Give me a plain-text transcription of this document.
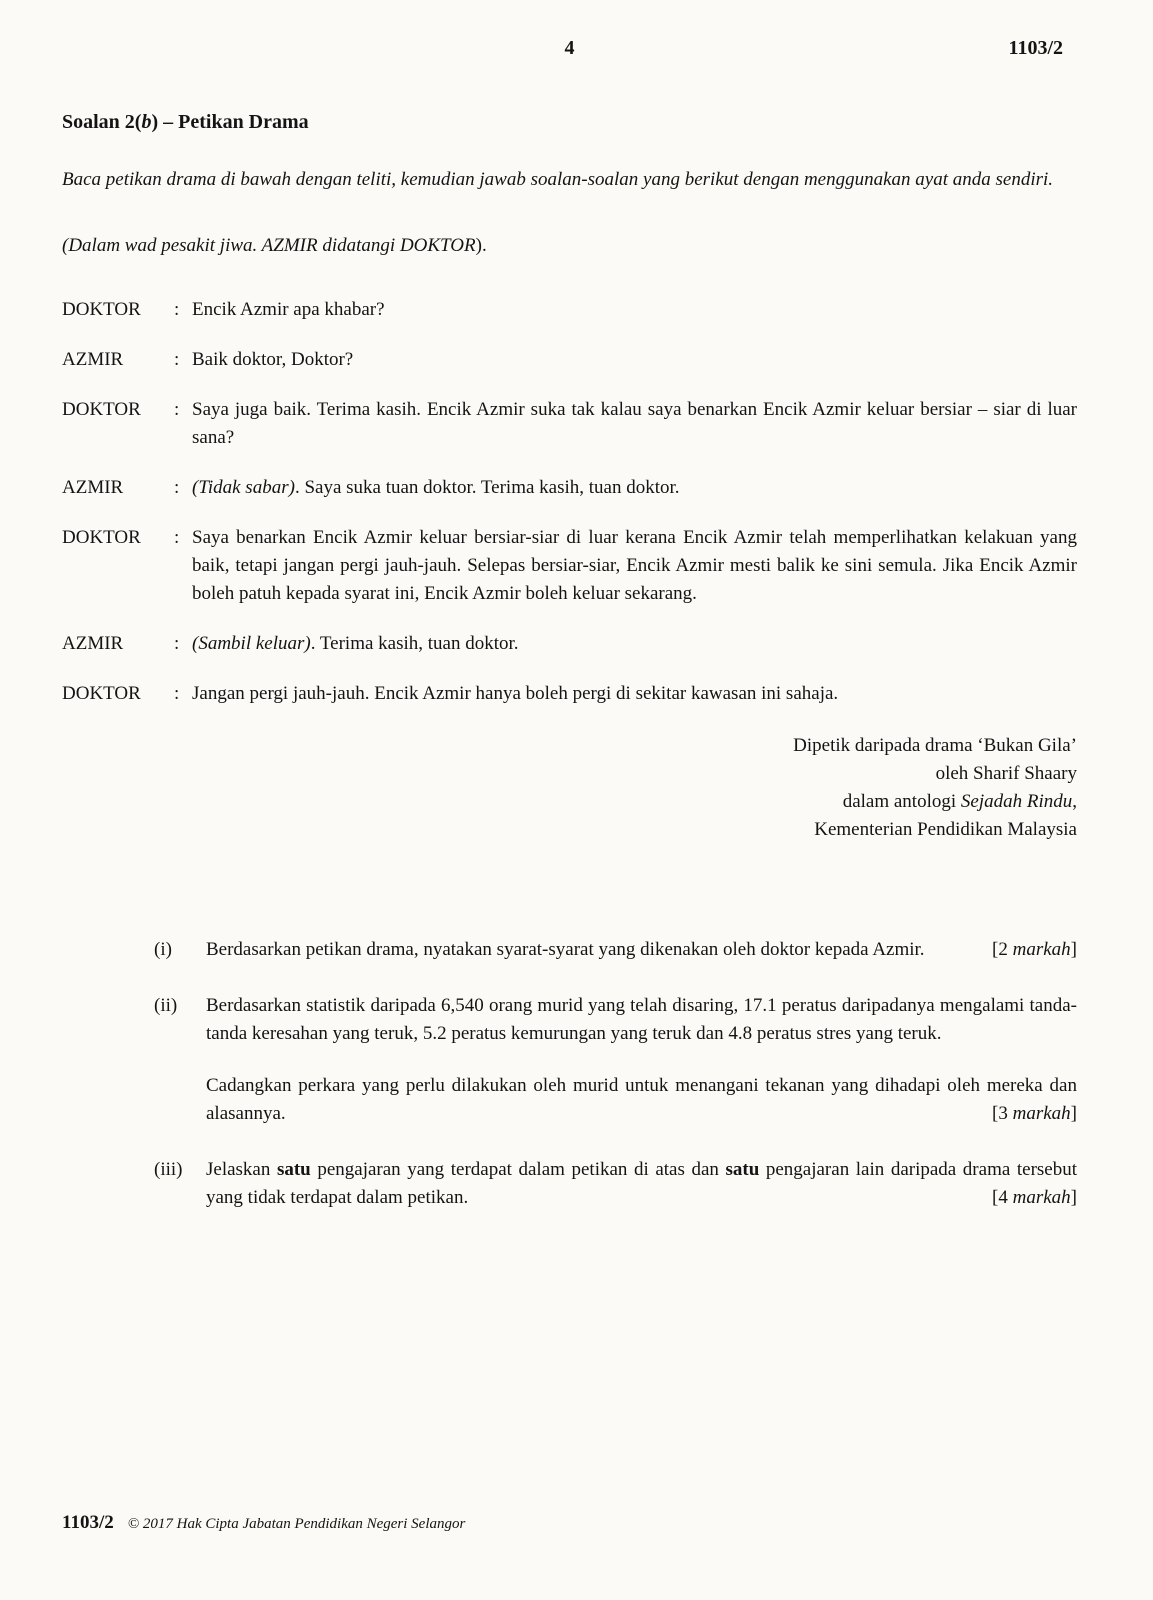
4	1103/2
Soalan 2(b) – Petikan Drama

Baca petikan drama di bawah dengan teliti, kemudian jawab soalan-soalan yang berikut dengan menggunakan ayat anda sendiri.

(Dalam wad pesakit jiwa. AZMIR didatangi DOKTOR).

DOKTOR	: Encik Azmir apa khabar?
AZMIR	: Baik doktor, Doktor?
DOKTOR	: Saya juga baik. Terima kasih. Encik Azmir suka tak kalau saya benarkan Encik Azmir keluar bersiar – siar di luar sana?
AZMIR	: (Tidak sabar). Saya suka tuan doktor. Terima kasih, tuan doktor.
DOKTOR	: Saya benarkan Encik Azmir keluar bersiar-siar di luar kerana Encik Azmir telah memperlihatkan kelakuan yang baik, tetapi jangan pergi jauh-jauh. Selepas bersiar-siar, Encik Azmir mesti balik ke sini semula. Jika Encik Azmir boleh patuh kepada syarat ini, Encik Azmir boleh keluar sekarang.
AZMIR	: (Sambil keluar). Terima kasih, tuan doktor.
DOKTOR	: Jangan pergi jauh-jauh. Encik Azmir hanya boleh pergi di sekitar kawasan ini sahaja.

Dipetik daripada drama ‘Bukan Gila’

oleh Sharif Shaary

dalam antologi Sejadah Rindu,

Kementerian Pendidikan Malaysia

(i)	Berdasarkan petikan drama, nyatakan syarat-syarat yang dikenakan oleh doktor kepada Azmir.	[2 markah]

(ii)	Berdasarkan statistik daripada 6,540 orang murid yang telah disaring, 17.1 peratus daripadanya mengalami tanda-tanda keresahan yang teruk, 5.2 peratus kemurungan yang teruk dan 4.8 peratus stres yang teruk.

Cadangkan perkara yang perlu dilakukan oleh murid untuk menangani tekanan yang dihadapi oleh mereka dan alasannya.	[3 markah]

(iii)	Jelaskan satu pengajaran yang terdapat dalam petikan di atas dan satu pengajaran lain daripada drama tersebut yang tidak terdapat dalam petikan.	[4 markah]

1103/2 © 2017 Hak Cipta Jabatan Pendidikan Negeri Selangor
